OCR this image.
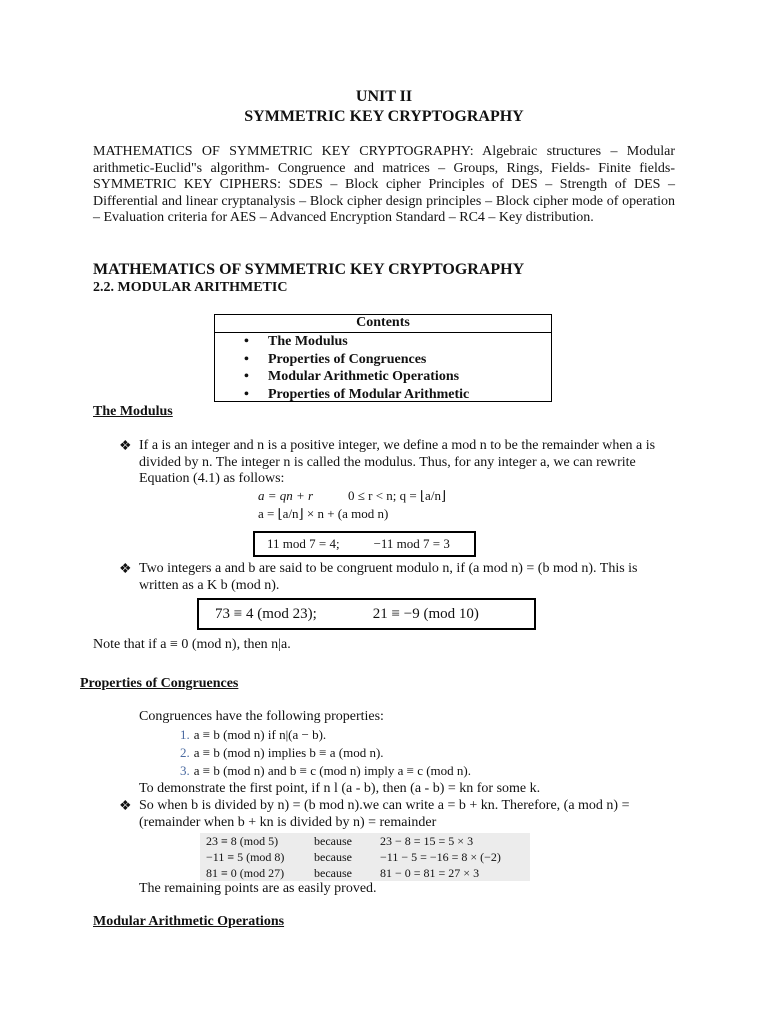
UNIT II
SYMMETRIC KEY CRYPTOGRAPHY
MATHEMATICS OF SYMMETRIC KEY CRYPTOGRAPHY: Algebraic structures – Modular arithmetic-Euclid"s algorithm- Congruence and matrices – Groups, Rings, Fields- Finite fields- SYMMETRIC KEY CIPHERS: SDES – Block cipher Principles of DES – Strength of DES – Differential and linear cryptanalysis – Block cipher design principles – Block cipher mode of operation – Evaluation criteria for AES – Advanced Encryption Standard – RC4 – Key distribution.
MATHEMATICS OF SYMMETRIC KEY CRYPTOGRAPHY
2.2. MODULAR ARITHMETIC
Contents
• The Modulus
• Properties of Congruences
• Modular Arithmetic Operations
• Properties of Modular Arithmetic
The Modulus
❖ If a is an integer and n is a positive integer, we define a mod n to be the remainder when a is divided by n. The integer n is called the modulus. Thus, for any integer a, we can rewrite Equation (4.1) as follows:
a = qn + r	0 ≤ r < n; q = ⌊a/n⌋
a = ⌊a/n⌋ × n + (a mod n)
11 mod 7 = 4;	−11 mod 7 = 3
❖ Two integers a and b are said to be congruent modulo n, if (a mod n) = (b mod n). This is written as a K b (mod n).
73 ≡ 4 (mod 23);	21 ≡ −9 (mod 10)
Note that if a ≡ 0 (mod n), then n|a.
Properties of Congruences
Congruences have the following properties:
1. a ≡ b (mod n) if n|(a − b).
2. a ≡ b (mod n) implies b ≡ a (mod n).
3. a ≡ b (mod n) and b ≡ c (mod n) imply a ≡ c (mod n).
To demonstrate the first point, if n l (a - b), then (a - b) = kn for some k.
❖ So when b is divided by n) = (b mod n).we can write a = b + kn. Therefore, (a mod n) = (remainder when b + kn is divided by n) = remainder
23 ≡ 8 (mod 5)	because 23 − 8 = 15 = 5 × 3
−11 ≡ 5 (mod 8) because −11 − 5 = −16 = 8 × (−2)
81 ≡ 0 (mod 27) because 81 − 0 = 81 = 27 × 3
The remaining points are as easily proved.
Modular Arithmetic Operations
